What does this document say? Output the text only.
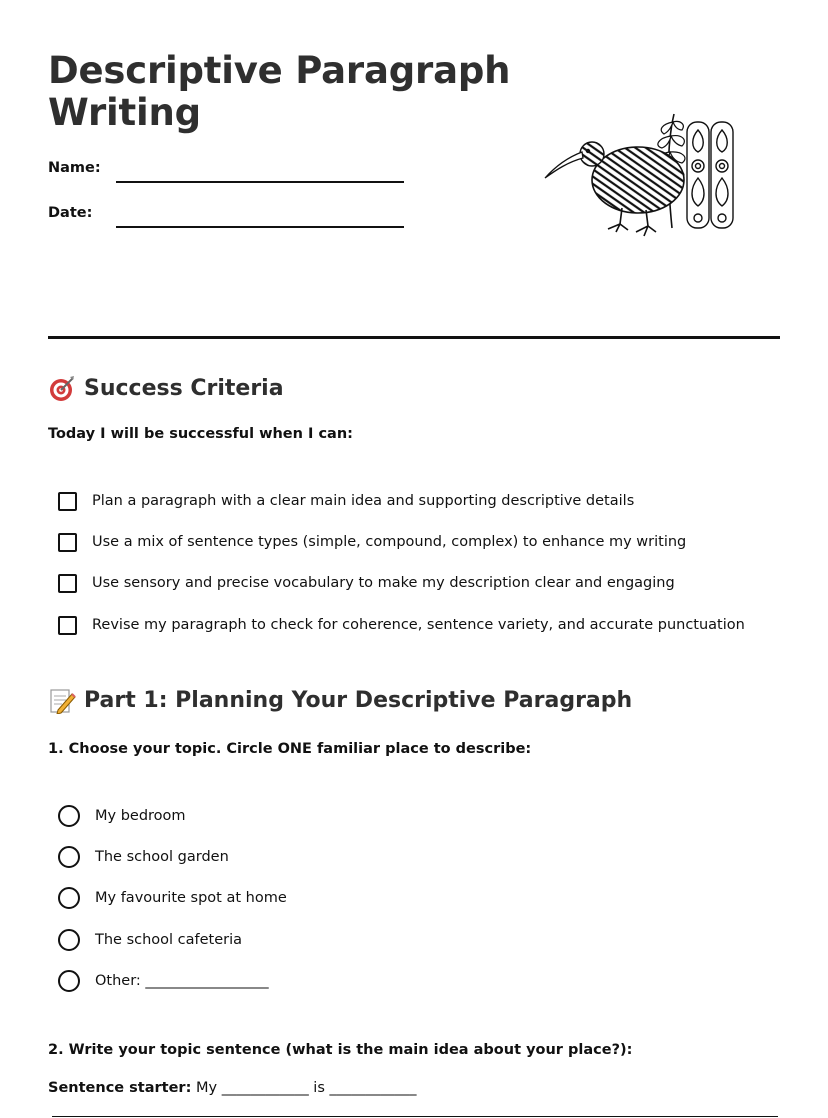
Descriptive Paragraph Writing
Name:
Date:
Success Criteria

Today I will be successful when I can:

Plan a paragraph with a clear main idea and supporting descriptive details
Use a mix of sentence types (simple, compound, complex) to enhance my writing
Use sensory and precise vocabulary to make my description clear and engaging
Revise my paragraph to check for coherence, sentence variety, and accurate punctuation
Part 1: Planning Your Descriptive Paragraph

1. Choose your topic. Circle ONE familiar place to describe:

My bedroom
The school garden
My favourite spot at home
The school cafeteria
Other: _________________

2. Write your topic sentence (what is the main idea about your place?):

Sentence starter: My ____________ is ____________
